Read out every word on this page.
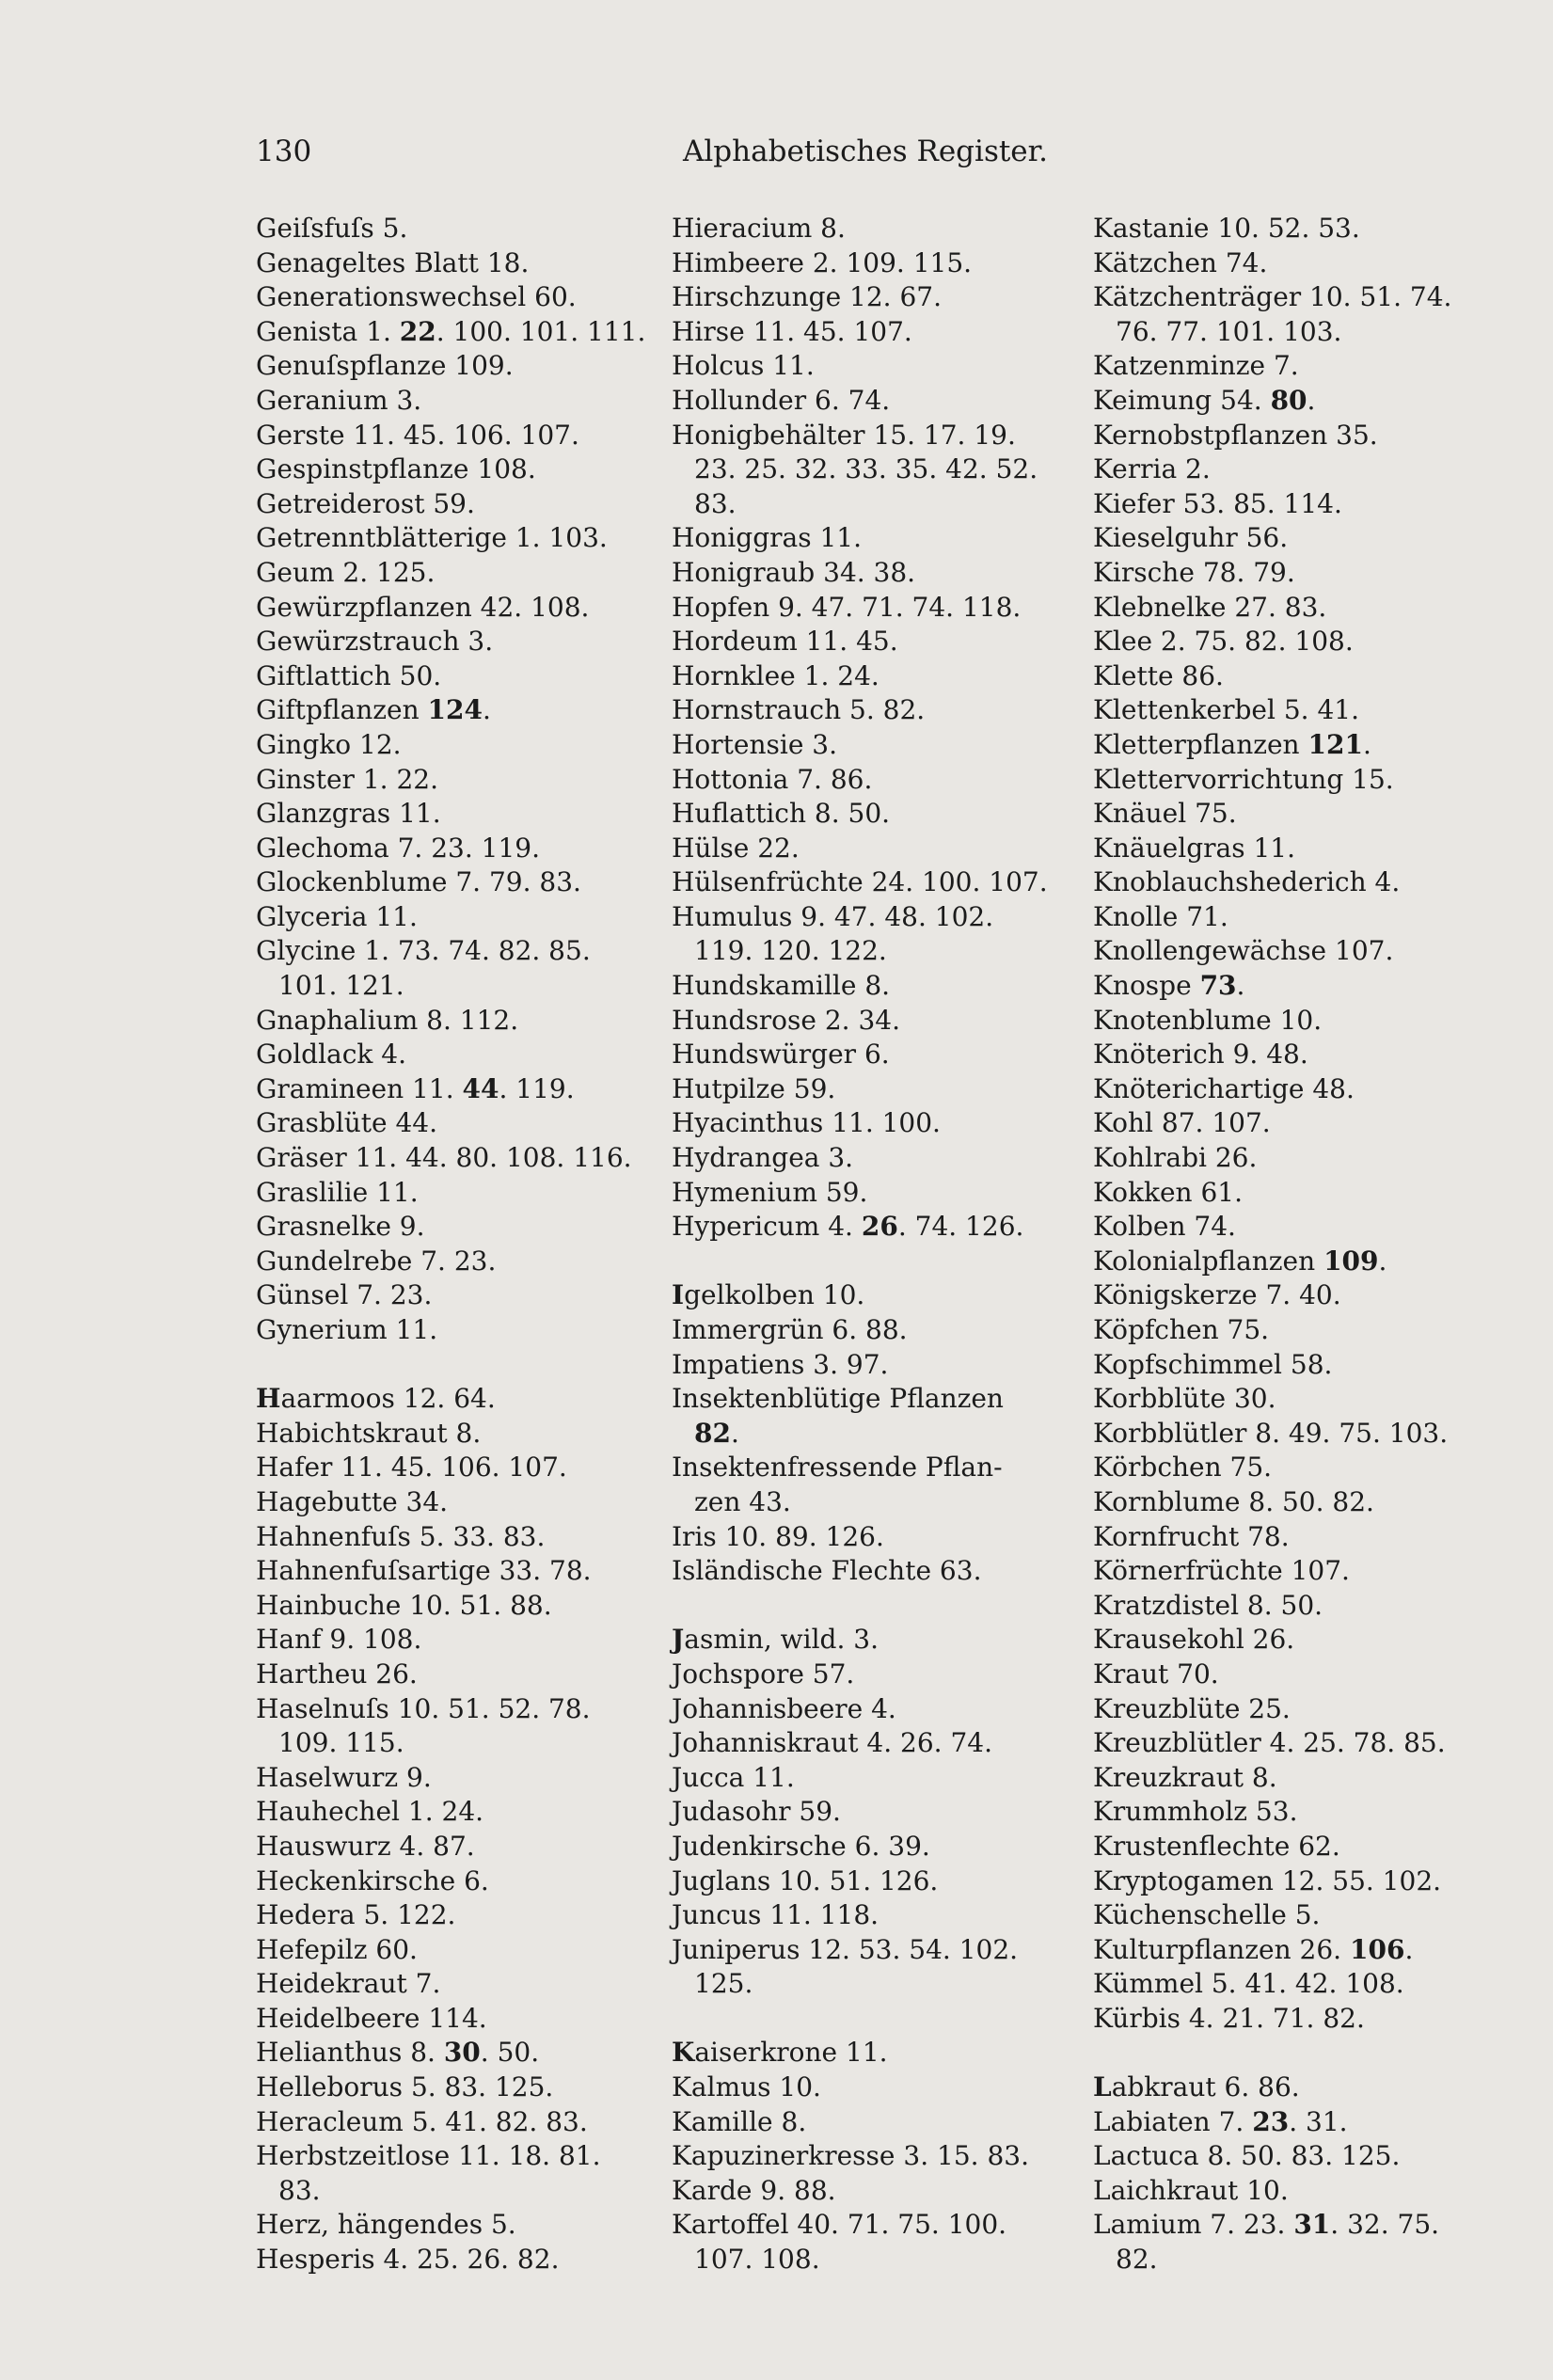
130	Alphabetisches Register.
Geiſsfuſs 5.
Genageltes Blatt 18.
Generationswechsel 60.
Genista 1. 22. 100. 101. 111.
Genuſspflanze 109.
Geranium 3.
Gerste 11. 45. 106. 107.
Gespinstpflanze 108.
Getreiderost 59.
Getrenntblätterige 1. 103.
Geum 2. 125.
Gewürzpflanzen 42. 108.
Gewürzstrauch 3.
Giftlattich 50.
Giftpflanzen 124.
Gingko 12.
Ginster 1. 22.
Glanzgras 11.
Glechoma 7. 23. 119.
Glockenblume 7. 79. 83.
Glyceria 11.
Glycine 1. 73. 74. 82. 85.
101. 121.
Gnaphalium 8. 112.
Goldlack 4.
Gramineen 11. 44. 119.
Grasblüte 44.
Gräser 11. 44. 80. 108. 116.
Graslilie 11.
Grasnelke 9.
Gundelrebe 7. 23.
Günsel 7. 23.
Gynerium 11.
Haarmoos 12. 64.
Habichtskraut 8.
Hafer 11. 45. 106. 107.
Hagebutte 34.
Hahnenfuſs 5. 33. 83.
Hahnenfuſsartige 33. 78.
Hainbuche 10. 51. 88.
Hanf 9. 108.
Hartheu 26.
Haselnuſs 10. 51. 52. 78.
109. 115.
Haselwurz 9.
Hauhechel 1. 24.
Hauswurz 4. 87.
Heckenkirsche 6.
Hedera 5. 122.
Hefepilz 60.
Heidekraut 7.
Heidelbeere 114.
Helianthus 8. 30. 50.
Helleborus 5. 83. 125.
Heracleum 5. 41. 82. 83.
Herbstzeitlose 11. 18. 81.
83.
Herz, hängendes 5.
Hesperis 4. 25. 26. 82.
Hieracium 8.
Himbeere 2. 109. 115.
Hirschzunge 12. 67.
Hirse 11. 45. 107.
Holcus 11.
Hollunder 6. 74.
Honigbehälter 15. 17. 19.
23. 25. 32. 33. 35. 42. 52.
83.
Honiggras 11.
Honigraub 34. 38.
Hopfen 9. 47. 71. 74. 118.
Hordeum 11. 45.
Hornklee 1. 24.
Hornstrauch 5. 82.
Hortensie 3.
Hottonia 7. 86.
Huflattich 8. 50.
Hülse 22.
Hülsenfrüchte 24. 100. 107.
Humulus 9. 47. 48. 102.
119. 120. 122.
Hundskamille 8.
Hundsrose 2. 34.
Hundswürger 6.
Hutpilze 59.
Hyacinthus 11. 100.
Hydrangea 3.
Hymenium 59.
Hypericum 4. 26. 74. 126.
Igelkolben 10.
Immergrün 6. 88.
Impatiens 3. 97.
Insektenblütige Pflanzen
82.
Insektenfressende Pflan-
zen 43.
Iris 10. 89. 126.
Isländische Flechte 63.
Jasmin, wild. 3.
Jochspore 57.
Johannisbeere 4.
Johanniskraut 4. 26. 74.
Jucca 11.
Judasohr 59.
Judenkirsche 6. 39.
Juglans 10. 51. 126.
Juncus 11. 118.
Juniperus 12. 53. 54. 102.
125.
Kaiserkrone 11.
Kalmus 10.
Kamille 8.
Kapuzinerkresse 3. 15. 83.
Karde 9. 88.
Kartoffel 40. 71. 75. 100.
107. 108.
Kastanie 10. 52. 53.
Kätzchen 74.
Kätzchenträger 10. 51. 74.
76. 77. 101. 103.
Katzenminze 7.
Keimung 54. 80.
Kernobstpflanzen 35.
Kerria 2.
Kiefer 53. 85. 114.
Kieselguhr 56.
Kirsche 78. 79.
Klebnelke 27. 83.
Klee 2. 75. 82. 108.
Klette 86.
Klettenkerbel 5. 41.
Kletterpflanzen 121.
Klettervorrichtung 15.
Knäuel 75.
Knäuelgras 11.
Knoblauchshederich 4.
Knolle 71.
Knollengewächse 107.
Knospe 73.
Knotenblume 10.
Knöterich 9. 48.
Knöterichartige 48.
Kohl 87. 107.
Kohlrabi 26.
Kokken 61.
Kolben 74.
Kolonialpflanzen 109.
Königskerze 7. 40.
Köpfchen 75.
Kopfschimmel 58.
Korbblüte 30.
Korbblütler 8. 49. 75. 103.
Körbchen 75.
Kornblume 8. 50. 82.
Kornfrucht 78.
Körnerfrüchte 107.
Kratzdistel 8. 50.
Krausekohl 26.
Kraut 70.
Kreuzblüte 25.
Kreuzblütler 4. 25. 78. 85.
Kreuzkraut 8.
Krummholz 53.
Krustenflechte 62.
Kryptogamen 12. 55. 102.
Küchenschelle 5.
Kulturpflanzen 26. 106.
Kümmel 5. 41. 42. 108.
Kürbis 4. 21. 71. 82.
Labkraut 6. 86.
Labiaten 7. 23. 31.
Lactuca 8. 50. 83. 125.
Laichkraut 10.
Lamium 7. 23. 31. 32. 75.
82.
